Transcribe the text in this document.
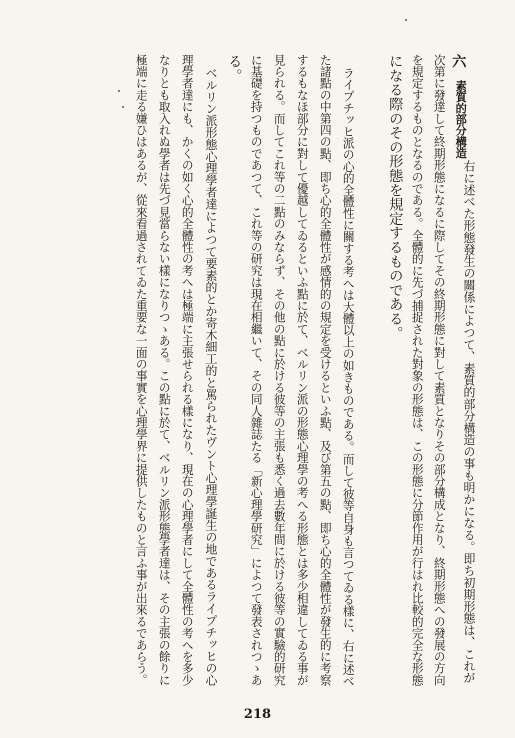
六
素質的部分構造
右に述べた形態發生の關係によつて、素質的部分構造の事も明かになる。即ち初期形態は、これが
次第に發達して終期形態になるに際してその終期形態に對して素質となりその部分構成となり、終期形態への發展の方向
を規定するものとなるのである。全體的に先づ捕捉された對象の形態は、この形態に分節作用が行はれ比較的完全な形態
になる際のその形態を規定するものである。
ライプチッヒ派の心的全體性に關する考へは大體以上の如きものである。而して彼等自身も言つてゐる樣に、右に述べ
た諸點の中第四の點、即ち心的全體性が感情的の規定を受けるといふ點、及び第五の點、即ち心的全體性が發生的に考察
するもなほ部分に對して優越してゐるといふ點に於て、ベルリン派の形態心理學の考へる形態とは多少相違してゐる事が
見られる。而してこれ等の二點のみならず、その他の點に於ける彼等の主張も悉く過去數年間に於ける彼等の實驗的研究
に基礎を持つものであつて、これ等の研究は現在相繼いて、その同人雜誌たる「新心理學研究」によつて發表されつゝあ
る。
ベルリン派形態心理學者達によつて要素的とか寄木細工的と罵られたヴント心理學誕生の地であるライプチッヒの心
理學者達にも、かくの如く心的全體性の考へは極端に主張せられる樣になり、現在の心理學者にして全體性の考へを多少
なりとも取入れぬ學者は先づ見當らない樣になりつゝある。この點に於て、ベルリン派形態學者達は、その主張の餘りに
極端に走る嫌ひはあるが、從來看過されてゐた重要な一面の事實を心理學界に提供したものと言ふ事が出來るであらう。
218
